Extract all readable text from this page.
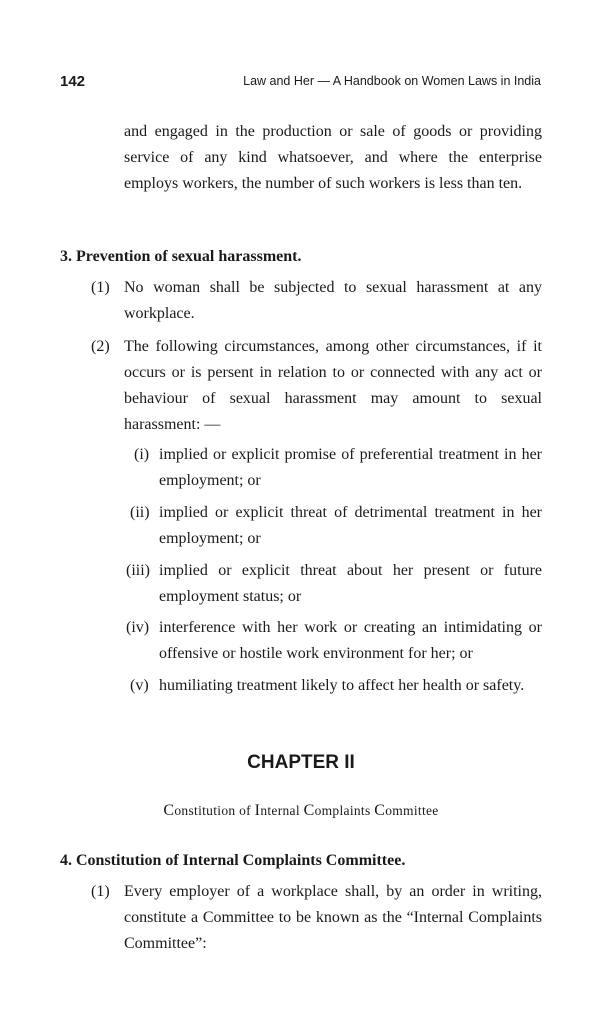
142	Law and Her — A Handbook on Women Laws in India
and engaged in the production or sale of goods or providing service of any kind whatsoever, and where the enterprise employs workers, the number of such workers is less than ten.
3. Prevention of sexual harassment.
(1) No woman shall be subjected to sexual harassment at any workplace.
(2) The following circumstances, among other circumstances, if it occurs or is persent in relation to or connected with any act or behaviour of sexual harassment may amount to sexual harassment: —
(i) implied or explicit promise of preferential treatment in her employment; or
(ii) implied or explicit threat of detrimental treatment in her employment; or
(iii) implied or explicit threat about her present or future employment status; or
(iv) interference with her work or creating an intimidating or offensive or hostile work environment for her; or
(v) humiliating treatment likely to affect her health or safety.
CHAPTER II
Constitution of Internal Complaints Committee
4. Constitution of Internal Complaints Committee.
(1) Every employer of a workplace shall, by an order in writing, constitute a Committee to be known as the “Internal Complaints Committee”:
